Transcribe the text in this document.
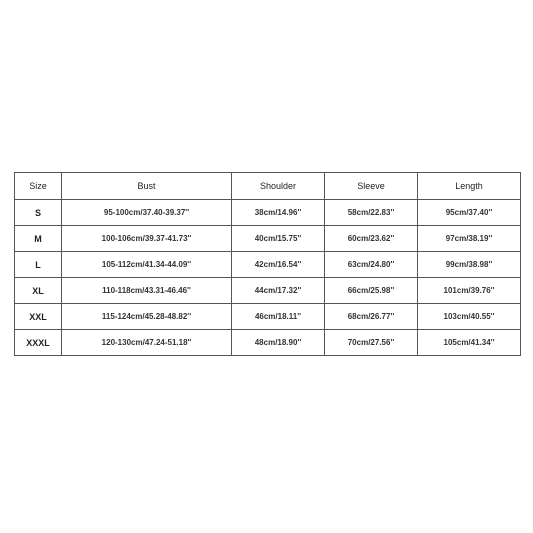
Size	Bust	Shoulder	Sleeve	Length
S	95-100cm/37.40-39.37''	38cm/14.96''	58cm/22.83''	95cm/37.40''
M	100-106cm/39.37-41.73''	40cm/15.75''	60cm/23.62''	97cm/38.19''
L	105-112cm/41.34-44.09''	42cm/16.54''	63cm/24.80''	99cm/38.98''
XL	110-118cm/43.31-46.46''	44cm/17.32''	66cm/25.98''	101cm/39.76''
XXL	115-124cm/45.28-48.82''	46cm/18.11''	68cm/26.77''	103cm/40.55''
XXXL	120-130cm/47.24-51.18''	48cm/18.90''	70cm/27.56''	105cm/41.34''
